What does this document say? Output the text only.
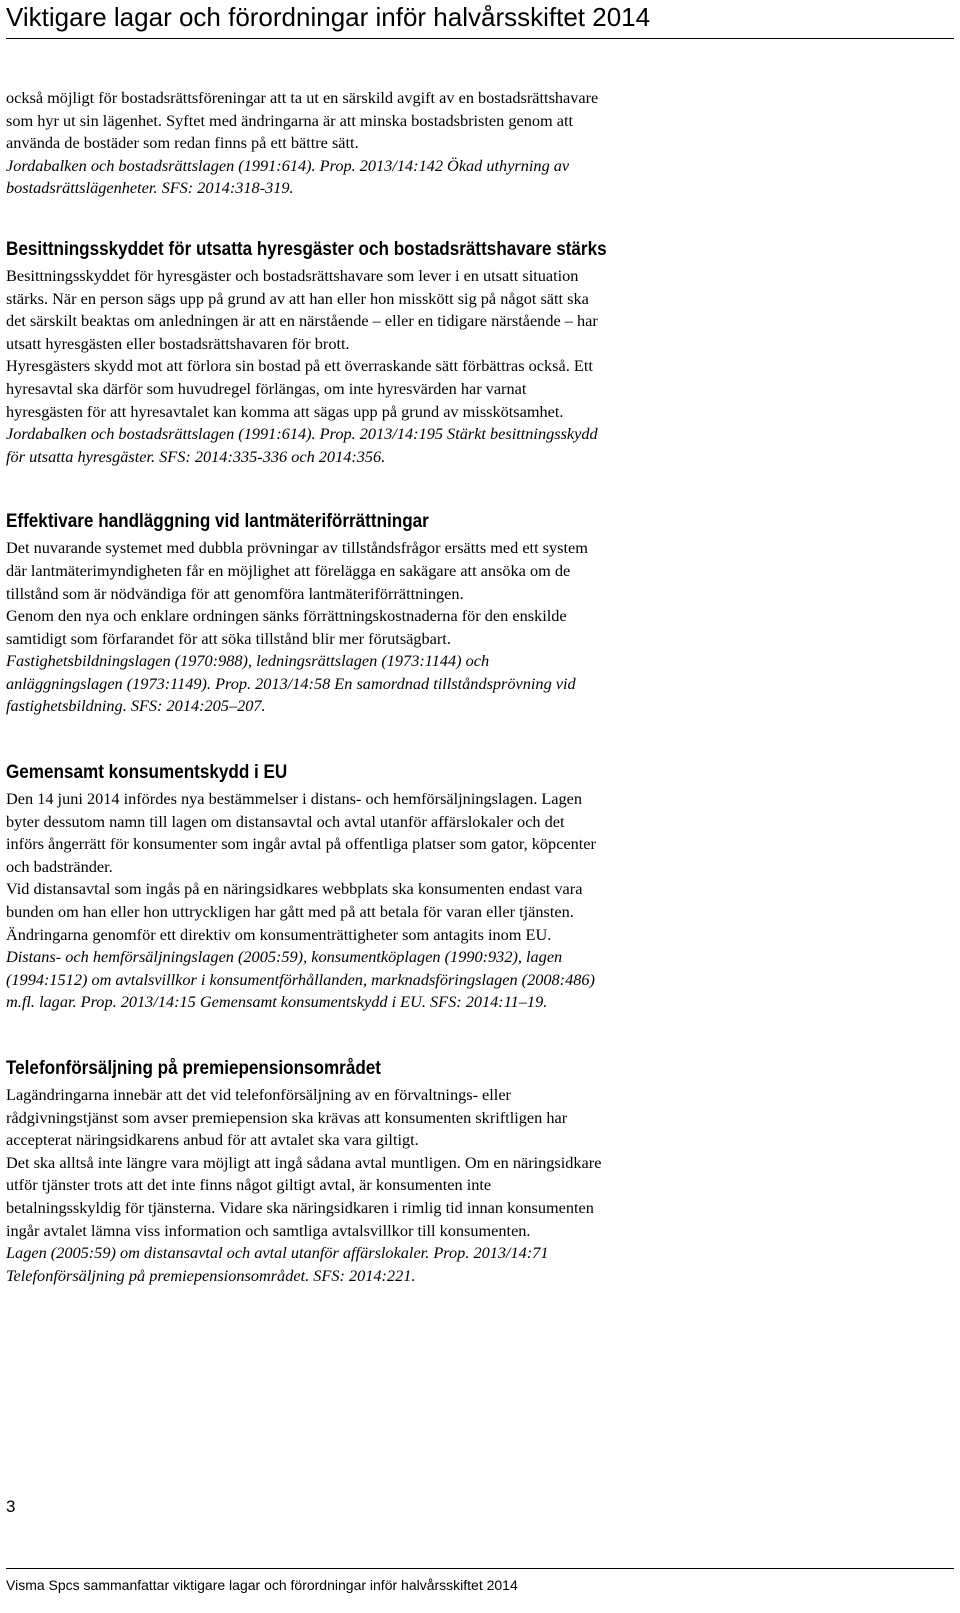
Viktigare lagar och förordningar inför halvårsskiftet 2014
också möjligt för bostadsrättsföreningar att ta ut en särskild avgift av en bostadsrättshavare
som hyr ut sin lägenhet. Syftet med ändringarna är att minska bostadsbristen genom att
använda de bostäder som redan finns på ett bättre sätt.
Jordabalken och bostadsrättslagen (1991:614). Prop. 2013/14:142 Ökad uthyrning av
bostadsrättslägenheter. SFS: 2014:318-319.
Besittningsskyddet för utsatta hyresgäster och bostadsrättshavare stärks
Besittningsskyddet för hyresgäster och bostadsrättshavare som lever i en utsatt situation
stärks. När en person sägs upp på grund av att han eller hon misskött sig på något sätt ska
det särskilt beaktas om anledningen är att en närstående – eller en tidigare närstående – har
utsatt hyresgästen eller bostadsrättshavaren för brott.
Hyresgästers skydd mot att förlora sin bostad på ett överraskande sätt förbättras också. Ett
hyresavtal ska därför som huvudregel förlängas, om inte hyresvärden har varnat
hyresgästen för att hyresavtalet kan komma att sägas upp på grund av misskötsamhet.
Jordabalken och bostadsrättslagen (1991:614). Prop. 2013/14:195 Stärkt besittningsskydd
för utsatta hyresgäster. SFS: 2014:335-336 och 2014:356.
Effektivare handläggning vid lantmäteriförrättningar
Det nuvarande systemet med dubbla prövningar av tillståndsfrågor ersätts med ett system
där lantmäterimyndigheten får en möjlighet att förelägga en sakägare att ansöka om de
tillstånd som är nödvändiga för att genomföra lantmäteriförrättningen.
Genom den nya och enklare ordningen sänks förrättningskostnaderna för den enskilde
samtidigt som förfarandet för att söka tillstånd blir mer förutsägbart.
Fastighetsbildningslagen (1970:988), ledningsrättslagen (1973:1144) och
anläggningslagen (1973:1149). Prop. 2013/14:58 En samordnad tillståndsprövning vid
fastighetsbildning. SFS: 2014:205–207.
Gemensamt konsumentskydd i EU
Den 14 juni 2014 infördes nya bestämmelser i distans- och hemförsäljningslagen. Lagen
byter dessutom namn till lagen om distansavtal och avtal utanför affärslokaler och det
införs ångerrätt för konsumenter som ingår avtal på offentliga platser som gator, köpcenter
och badstränder.
Vid distansavtal som ingås på en näringsidkares webbplats ska konsumenten endast vara
bunden om han eller hon uttryckligen har gått med på att betala för varan eller tjänsten.
Ändringarna genomför ett direktiv om konsumenträttigheter som antagits inom EU.
Distans- och hemförsäljningslagen (2005:59), konsumentköplagen (1990:932), lagen
(1994:1512) om avtalsvillkor i konsumentförhållanden, marknadsföringslagen (2008:486)
m.fl. lagar. Prop. 2013/14:15 Gemensamt konsumentskydd i EU. SFS: 2014:11–19.
Telefonförsäljning på premiepensionsområdet
Lagändringarna innebär att det vid telefonförsäljning av en förvaltnings- eller
rådgivningstjänst som avser premiepension ska krävas att konsumenten skriftligen har
accepterat näringsidkarens anbud för att avtalet ska vara giltigt.
Det ska alltså inte längre vara möjligt att ingå sådana avtal muntligen. Om en näringsidkare
utför tjänster trots att det inte finns något giltigt avtal, är konsumenten inte
betalningsskyldig för tjänsterna. Vidare ska näringsidkaren i rimlig tid innan konsumenten
ingår avtalet lämna viss information och samtliga avtalsvillkor till konsumenten.
Lagen (2005:59) om distansavtal och avtal utanför affärslokaler. Prop. 2013/14:71
Telefonförsäljning på premiepensionsområdet. SFS: 2014:221.
3
Visma Spcs sammanfattar viktigare lagar och förordningar inför halvårsskiftet 2014
